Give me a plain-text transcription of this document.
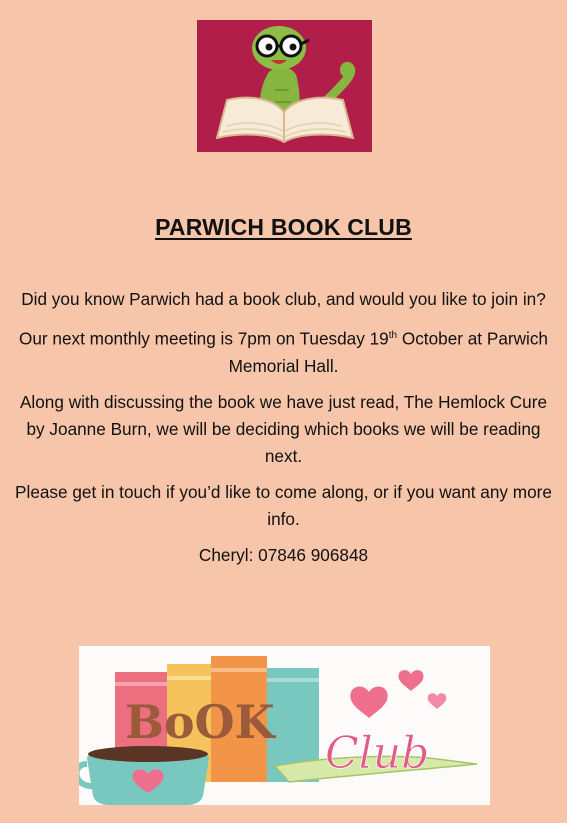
PARWICH BOOK CLUB

Did you know Parwich had a book club, and would you like to join in?

Our next monthly meeting is 7pm on Tuesday 19th October at Parwich Memorial Hall.

Along with discussing the book we have just read, The Hemlock Cure by Joanne Burn, we will be deciding which books we will be reading next.

Please get in touch if you’d like to come along, or if you want any more info.

Cheryl: 07846 906848

BoOK
Club
